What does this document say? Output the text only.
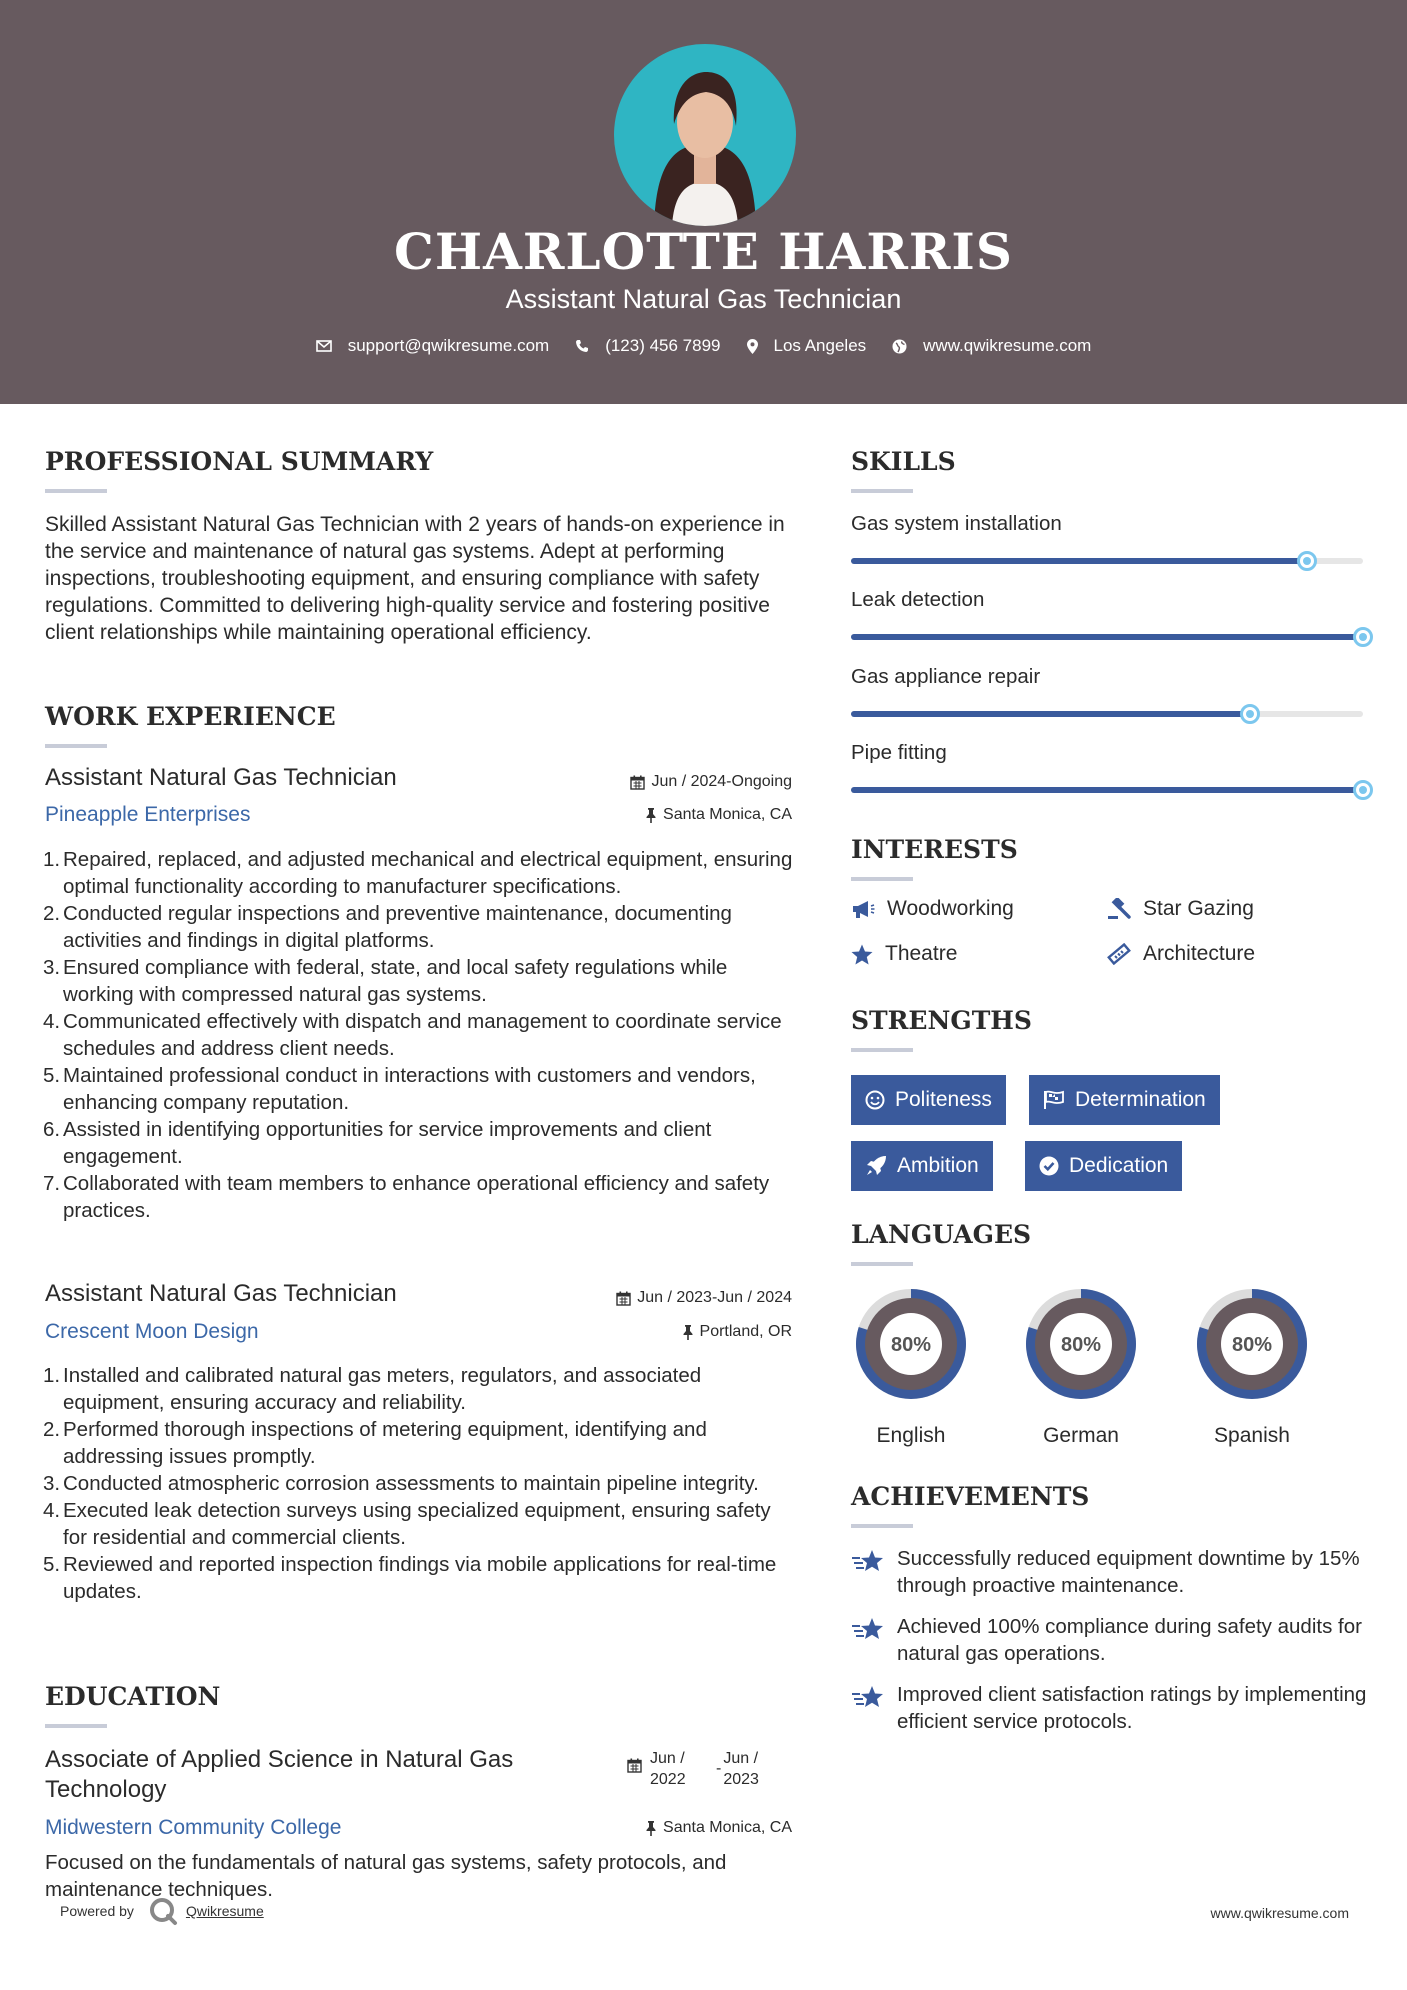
CHARLOTTE HARRIS
Assistant Natural Gas Technician
support@qwikresume.com	(123) 456 7899	Los Angeles	www.qwikresume.com
PROFESSIONAL SUMMARY
Skilled Assistant Natural Gas Technician with 2 years of hands-on experience in the service and maintenance of natural gas systems. Adept at performing inspections, troubleshooting equipment, and ensuring compliance with safety regulations. Committed to delivering high-quality service and fostering positive client relationships while maintaining operational efficiency.
WORK EXPERIENCE
Assistant Natural Gas Technician	Jun / 2024-Ongoing
Pineapple Enterprises	Santa Monica, CA
1. Repaired, replaced, and adjusted mechanical and electrical equipment, ensuring optimal functionality according to manufacturer specifications.
2. Conducted regular inspections and preventive maintenance, documenting activities and findings in digital platforms.
3. Ensured compliance with federal, state, and local safety regulations while working with compressed natural gas systems.
4. Communicated effectively with dispatch and management to coordinate service schedules and address client needs.
5. Maintained professional conduct in interactions with customers and vendors, enhancing company reputation.
6. Assisted in identifying opportunities for service improvements and client engagement.
7. Collaborated with team members to enhance operational efficiency and safety practices.
Assistant Natural Gas Technician	Jun / 2023-Jun / 2024
Crescent Moon Design	Portland, OR
1. Installed and calibrated natural gas meters, regulators, and associated equipment, ensuring accuracy and reliability.
2. Performed thorough inspections of metering equipment, identifying and addressing issues promptly.
3. Conducted atmospheric corrosion assessments to maintain pipeline integrity.
4. Executed leak detection surveys using specialized equipment, ensuring safety for residential and commercial clients.
5. Reviewed and reported inspection findings via mobile applications for real-time updates.
EDUCATION
Associate of Applied Science in Natural Gas Technology
Jun / 2022
-
Jun / 2023
Midwestern Community College	Santa Monica, CA
Focused on the fundamentals of natural gas systems, safety protocols, and maintenance techniques.
SKILLS
Gas system installation
Leak detection
Gas appliance repair
Pipe fitting
INTERESTS
Woodworking	Star Gazing
Theatre	Architecture
STRENGTHS
Politeness	Determination
Ambition	Dedication
LANGUAGES
80%
English
80%
German
80%
Spanish
ACHIEVEMENTS
Successfully reduced equipment downtime by 15% through proactive maintenance.
Achieved 100% compliance during safety audits for natural gas operations.
Improved client satisfaction ratings by implementing efficient service protocols.
Powered by	Qwikresume	www.qwikresume.com
